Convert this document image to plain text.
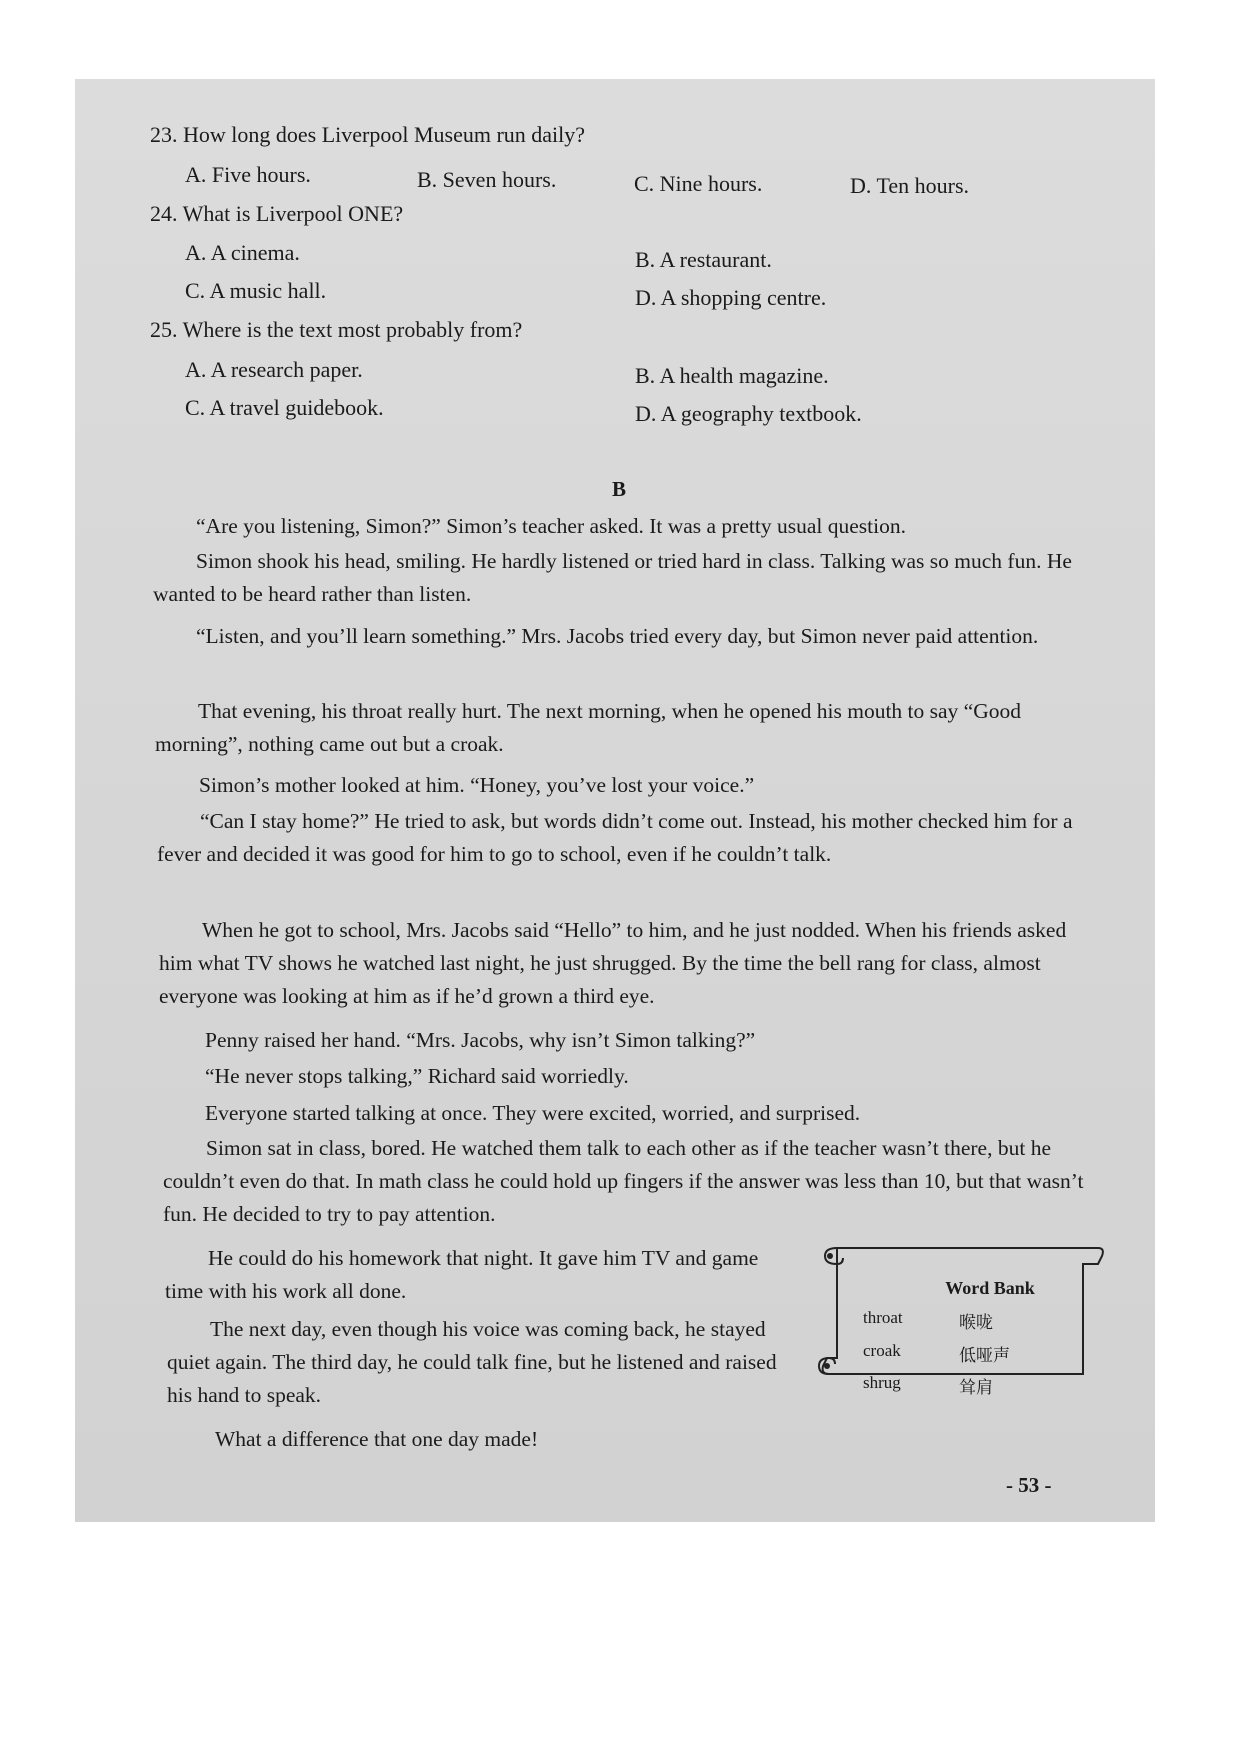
23. How long does Liverpool Museum run daily?
A. Five hours.	B. Seven hours.	C. Nine hours.	D. Ten hours.
24. What is Liverpool ONE?
A. A cinema.	B. A restaurant.
C. A music hall.	D. A shopping centre.
25. Where is the text most probably from?
A. A research paper.	B. A health magazine.
C. A travel guidebook.	D. A geography textbook.
B
“Are you listening, Simon?” Simon’s teacher asked. It was a pretty usual question.
Simon shook his head, smiling. He hardly listened or tried hard in class. Talking was so much fun. He wanted to be heard rather than listen.
“Listen, and you’ll learn something.” Mrs. Jacobs tried every day, but Simon never paid attention.
That evening, his throat really hurt. The next morning, when he opened his mouth to say “Good morning”, nothing came out but a croak.
Simon’s mother looked at him. “Honey, you’ve lost your voice.”
“Can I stay home?” He tried to ask, but words didn’t come out. Instead, his mother checked him for a fever and decided it was good for him to go to school, even if he couldn’t talk.
When he got to school, Mrs. Jacobs said “Hello” to him, and he just nodded. When his friends asked him what TV shows he watched last night, he just shrugged. By the time the bell rang for class, almost everyone was looking at him as if he’d grown a third eye.
Penny raised her hand. “Mrs. Jacobs, why isn’t Simon talking?”
“He never stops talking,” Richard said worriedly.
Everyone started talking at once. They were excited, worried, and surprised.
Simon sat in class, bored. He watched them talk to each other as if the teacher wasn’t there, but he couldn’t even do that. In math class he could hold up fingers if the answer was less than 10, but that wasn’t fun. He decided to try to pay attention.
He could do his homework that night. It gave him TV and game time with his work all done.
The next day, even though his voice was coming back, he stayed quiet again. The third day, he could talk fine, but he listened and raised his hand to speak.
What a difference that one day made!
Word Bank
throat	喉咙
croak	低哑声
shrug	耸肩
- 53 -
